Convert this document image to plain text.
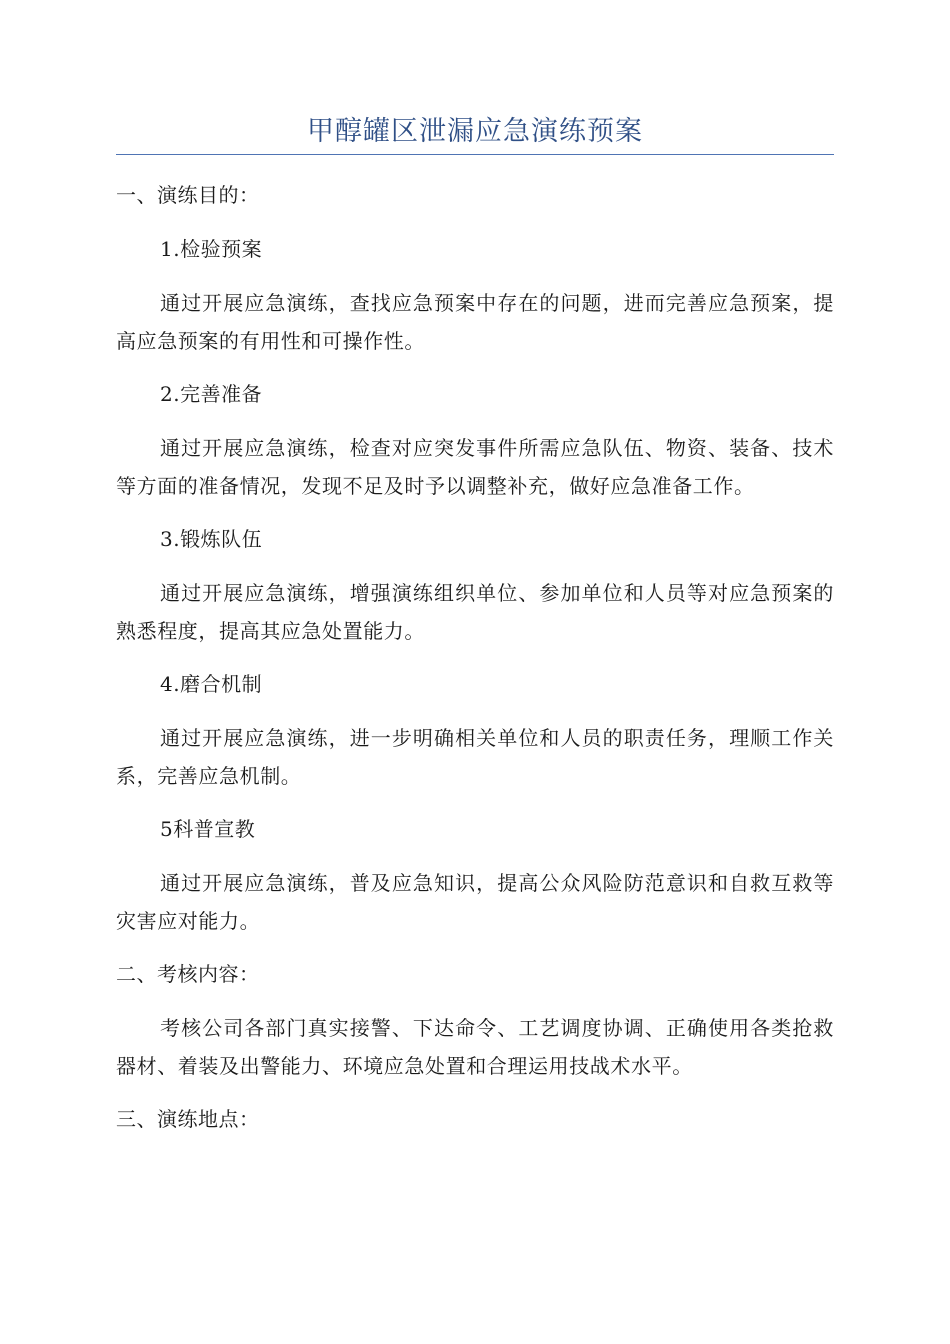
甲醇罐区泄漏应急演练预案

一、演练目的：

1.检验预案

通过开展应急演练，查找应急预案中存在的问题，进而完善应急预案，提高应急预案的有用性和可操作性。

2.完善准备

通过开展应急演练，检查对应突发事件所需应急队伍、物资、装备、技术等方面的准备情况，发现不足及时予以调整补充，做好应急准备工作。

3.锻炼队伍

通过开展应急演练，增强演练组织单位、参加单位和人员等对应急预案的熟悉程度，提高其应急处置能力。

4.磨合机制

通过开展应急演练，进一步明确相关单位和人员的职责任务，理顺工作关系，完善应急机制。

5科普宣教

通过开展应急演练，普及应急知识，提高公众风险防范意识和自救互救等灾害应对能力。

二、考核内容：

考核公司各部门真实接警、下达命令、工艺调度协调、正确使用各类抢救器材、着装及出警能力、环境应急处置和合理运用技战术水平。

三、演练地点：
